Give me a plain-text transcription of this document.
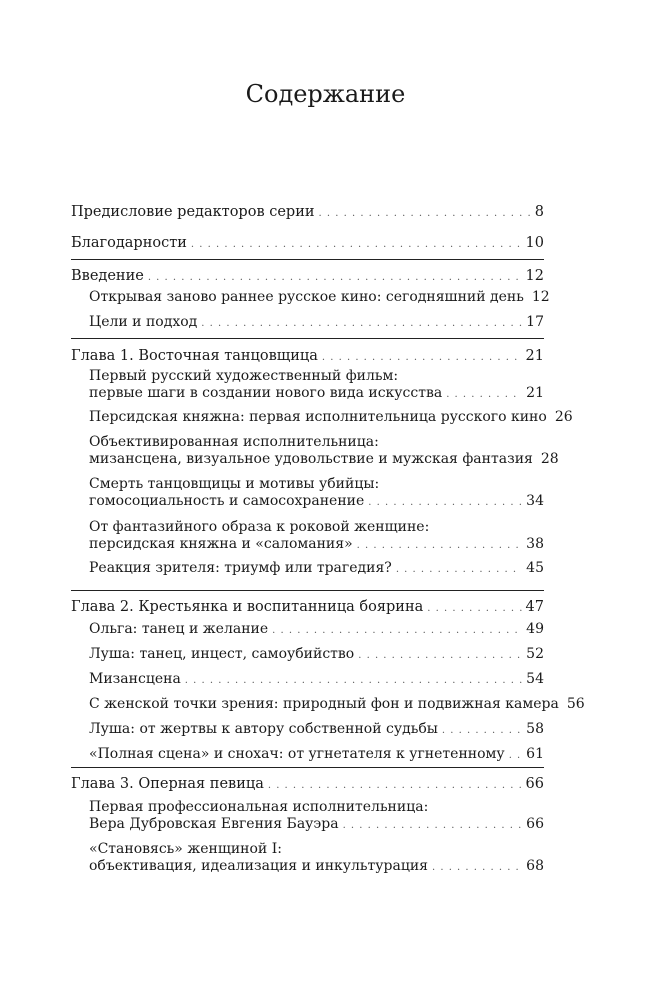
Содержание
Предисловие редакторов серии . . .	8
Благодарности . . .	10
Введение . . .	12
Открывая заново раннее русское кино: сегодняшний день 12
Цели и подход . . .	17
Глава 1. Восточная танцовщица . . .	21
Первый русский художественный фильм:
первые шаги в создании нового вида искусства . . .	21
Персидская княжна: первая исполнительница русского кино 26
Объективированная исполнительница:
мизансцена, визуальное удовольствие и мужская фантазия 28
Смерть танцовщицы и мотивы убийцы:
гомосоциальность и самосохранение . . .	34
От фантазийного образа к роковой женщине:
персидская княжна и «саломания» . . .	38
Реакция зрителя: триумф или трагедия? . . .	45
Глава 2. Крестьянка и воспитанница боярина . . .	47
Ольга: танец и желание . . .	49
Луша: танец, инцест, самоубийство . . .	52
Мизансцена . . .	54
С женской точки зрения: природный фон и подвижная камера 56
Луша: от жертвы к автору собственной судьбы . . .	58
«Полная сцена» и снохач: от угнетателя к угнетенному . . . 61
Глава 3. Оперная певица . . .	66
Первая профессиональная исполнительница:
Вера Дубровская Евгения Бауэра . . .	66
«Становясь» женщиной I:
объективация, идеализация и инкультурация . . .	68
